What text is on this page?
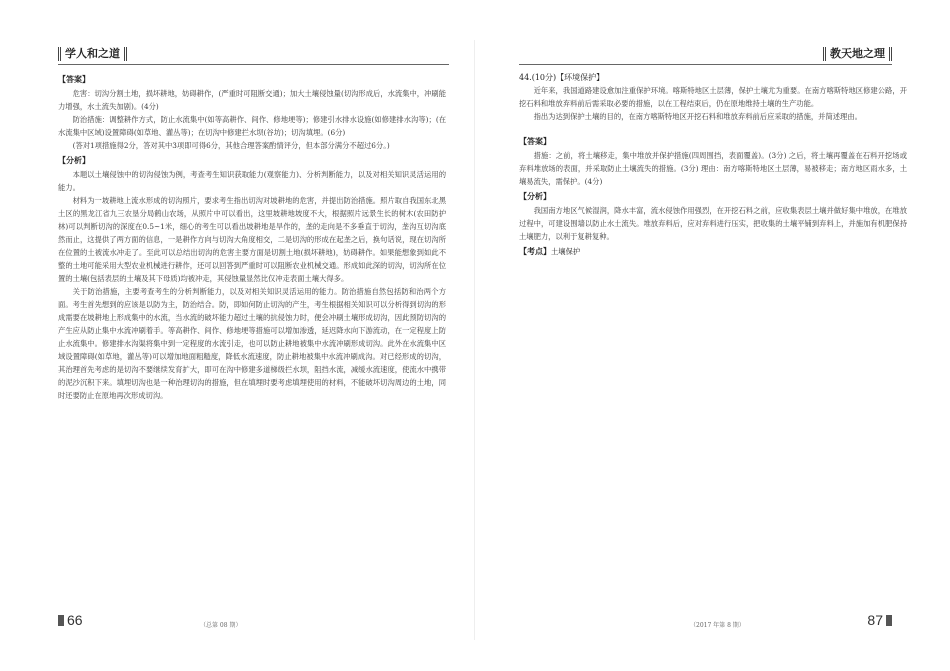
学人和之道
【答案】

危害：切沟分割土地，损坏耕地，妨碍耕作，(严重时可阻断交通)；加大土壤侵蚀量(切沟形成后，水流集中，冲刷能力增强，水土流失加剧)。(4分)

防治措施：调整耕作方式，防止水流集中(如等高耕作、间作、修地埂等)；修建引水排水设施(如修建排水沟等)；(在水流集中区域)设置障碍(如草地、灌丛等)；在切沟中修建拦水坝(谷坊)；切沟填埋。(6分)

(答对1项措施得2分，答对其中3项即可得6分，其他合理答案酌情评分，但本部分满分不超过6分。)

【分析】

本题以土壤侵蚀中的切沟侵蚀为例，考查考生知识获取能力(观察能力)、分析判断能力，以及对相关知识灵活运用的能力。

材料为一坡耕地上流水形成的切沟照片，要求考生指出切沟对坡耕地的危害，并提出防治措施。照片取自我国东北黑土区的黑龙江省九三农垦分局鹤山农场，从照片中可以看出，这里坡耕地坡度不大，根据照片远景生长的树木(农田防护林)可以判断切沟的深度在0.5~1米，细心的考生可以看出坡耕地是旱作的，垄的走向是不多垂直于切沟，垄沟互切沟底然而止，这提供了两方面的信息，一是耕作方向与切沟大角度相交，二是切沟的形成在起垄之后，换句话说，现在切沟所在位置的土被流水冲走了。至此可以总结出切沟的危害主要方面是切割土地(损坏耕地)，妨碍耕作。如果能想象到如此不整的土地可能采用大型农业机械进行耕作，还可以回答到严重时可以阻断农业机械交通。形成如此深的切沟，切沟所在位置的土壤(包括表层的土壤及其下母质)均被冲走，其侵蚀量显然比仅冲走表面土壤大得多。

关于防治措施，主要考查考生的分析判断能力，以及对相关知识灵活运用的能力。防治措施自然包括防和治两个方面。考生首先想到的应该是以防为主，防治结合。防，即如何防止切沟的产生，考生根据相关知识可以分析得到切沟的形成需要在坡耕地上形成集中的水流，当水流的破坏能力超过土壤的抗侵蚀力时，便会冲刷土壤形成切沟，因此预防切沟的产生应从防止集中水流冲刷着手。等高耕作、间作、修地埂等措施可以增加渗透，延迟降水向下游流动，在一定程度上防止水流集中。修建排水沟渠将集中到一定程度的水流引走，也可以防止耕地被集中水流冲刷形成切沟。此外在水流集中区域设置障碍(如草地，灌丛等)可以增加地面粗糙度，降低水流速度，防止耕地被集中水流冲刷成沟。对已经形成的切沟，其治理首先考虑的是切沟不要继续发育扩大，即可在沟中修建多道梯级拦水坝，阻挡水流，减缓水流速度，使流水中携带的泥沙沉积下来。填埋切沟也是一种治理切沟的措施，但在填埋时要考虑填埋使用的材料，不能破坏切沟周边的土地，同时还要防止在原地再次形成切沟。

66	（总第 08 期）
教天地之理
44.(10分)【环境保护】

近年来，我国道路建设愈加注重保护环境。喀斯特地区土层薄，保护土壤尤为重要。在南方喀斯特地区修建公路，开挖石料和堆放弃料前后需采取必要的措施，以在工程结束后，仍在原地维持土壤的生产功能。

指出为达到保护土壤的目的，在南方喀斯特地区开挖石料和堆放弃料前后应采取的措施，并简述理由。

【答案】

措施：之前，将土壤移走，集中堆放并保护措施(四周围挡，表面覆盖)。(3分) 之后，将土壤再覆盖在石料开挖场或弃料堆放场的表面，并采取防止土壤流失的措施。(3分) 理由：南方喀斯特地区土层薄，易被移走；南方地区雨水多，土壤易流失，需保护。(4分)

【分析】

我国南方地区气候湿润，降水丰富，流水侵蚀作用强烈，在开挖石料之前，应收集表层土壤并做好集中堆放，在堆放过程中，可建设围墙以防止水土流失。堆放弃料后，应对弃料进行压实，把收集的土壤平铺到弃料上，并施加有机肥保持土壤肥力，以利于复耕复种。

【考点】土壤保护
（2017 年第 8 期）	87
